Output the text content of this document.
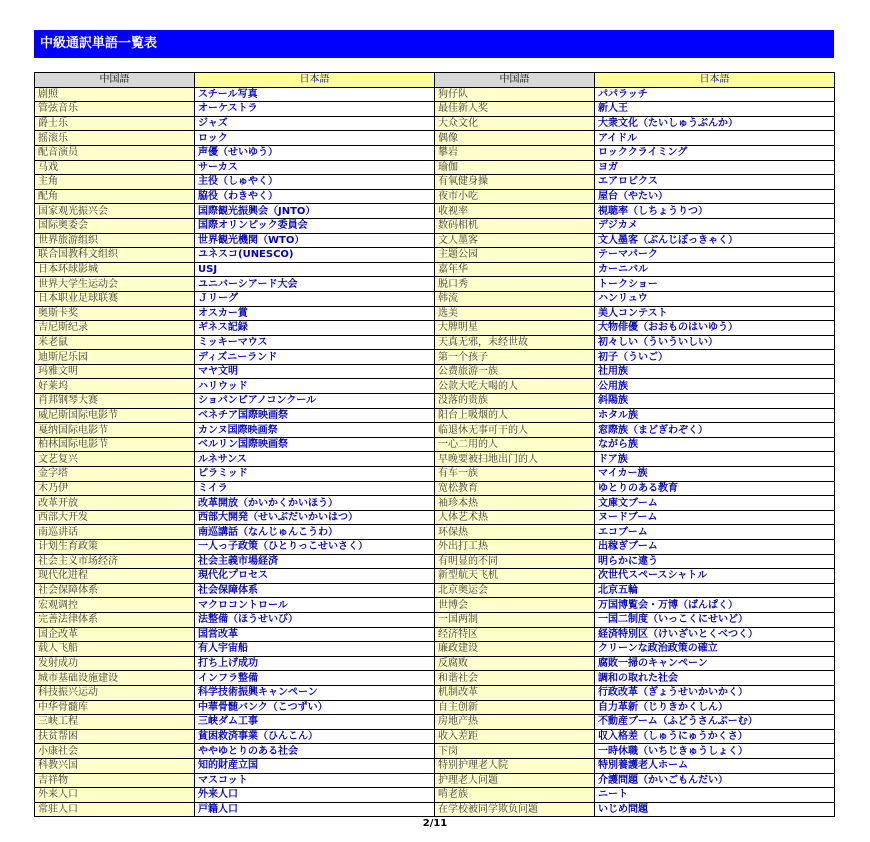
中級通訳単語一覧表
中国語	日本語	中国語	日本語
剧照	スチール写真	狗仔队	パパラッチ
管弦音乐	オーケストラ	最佳新人奖	新人王
爵士乐	ジャズ	大众文化	大衆文化（たいしゅうぶんか）
摇滚乐	ロック	偶像	アイドル
配音演员	声優（せいゆう）	攀岩	ロッククライミング
马戏	サーカス	瑜伽	ヨガ
主角	主役（しゅやく）	有氧健身操	エアロビクス
配角	脇役（わきやく）	夜市小吃	屋台（やたい）
国家观光振兴会	国際観光振興会（JNTO）	收视率	視聴率（しちょうりつ）
国际奥委会	国際オリンピック委員会	数码相机	デジカメ
世界旅游组织	世界観光機関（WTO）	文人墨客	文人墨客（ぶんじぼっきゃく）
联合国教科文组织	ユネスコ(UNESCO)	主题公园	テーマパーク
日本环球影城	USJ	嘉年华	カーニバル
世界大学生运动会	ユニバーシアード大会	脱口秀	トークショー
日本职业足球联赛	Ｊリーグ	韩流	ハンリュウ
奥斯卡奖	オスカー賞	选美	美人コンテスト
吉尼斯纪录	ギネス記録	大牌明星	大物俳優（おおものはいゆう）
米老鼠	ミッキーマウス	天真无邪，未经世故	初々しい（ういういしい）
迪斯尼乐园	ディズニーランド	第一个孩子	初子（ういご）
玛雅文明	マヤ文明	公费旅游一族	社用族
好莱坞	ハリウッド	公款大吃大喝的人	公用族
肖邦钢琴大赛	ショパンピアノコンクール	没落的贵族	斜陽族
威尼斯国际电影节	ベネチア国際映画祭	阳台上吸烟的人	ホタル族
戛纳国际电影节	カンヌ国際映画祭	临退休无事可干的人	窓際族（まどぎわぞく）
柏林国际电影节	ベルリン国際映画祭	一心二用的人	ながら族
文艺复兴	ルネサンス	早晚要被扫地出门的人	ドア族
金字塔	ピラミッド	有车一族	マイカー族
木乃伊	ミイラ	宽松教育	ゆとりのある教育
改革开放	改革開放（かいかくかいほう）	袖珍本热	文庫文ブーム
西部大开发	西部大開発（せいぶだいかいはつ）	人体艺术热	ヌードブーム
南巡讲话	南巡講話（なんじゅんこうわ）	环保热	エコブーム
计划生育政策	一人っ子政策（ひとりっこせいさく）	外出打工热	出稼ぎブーム
社会主义市场经济	社会主義市場経済	有明显的不同	明らかに違う
现代化进程	現代化プロセス	新型航天飞机	次世代スペースシャトル
社会保障体系	社会保障体系	北京奥运会	北京五輪
宏观调控	マクロコントロール	世博会	万国博覧会・万博（ばんぱく）
完善法律体系	法整備（ほうせいび）	一国两制	一国二制度（いっこくにせいど）
国企改革	国営改革	经济特区	経済特別区（けいざいとくべつく）
载人飞船	有人宇宙船	廉政建设	クリーンな政治政策の確立
发射成功	打ち上げ成功	反腐败	腐敗一掃のキャンペーン
城市基础设施建设	インフラ整備	和谐社会	調和の取れた社会
科技振兴运动	科学技術振興キャンペーン	机制改革	行政改革（ぎょうせいかいかく）
中华骨髓库	中華骨髄バンク（こつずい）	自主创新	自力革新（じりきかくしん）
三峡工程	三峡ダム工事	房地产热	不動産ブーム（ふどうさんぶーむ）
扶贫帮困	貧困救済事業（ひんこん）	收入差距	収入格差（しゅうにゅうかくさ）
小康社会	ややゆとりのある社会	下岗	一時休職（いちじきゅうしょく）
科教兴国	知的財産立国	特别护理老人院	特別養護老人ホーム
吉祥物	マスコット	护理老人问题	介護問題（かいごもんだい）
外来人口	外来人口	啃老族	ニート
常驻人口	戸籍人口	在学校被同学欺负问题	いじめ問題
2/11
